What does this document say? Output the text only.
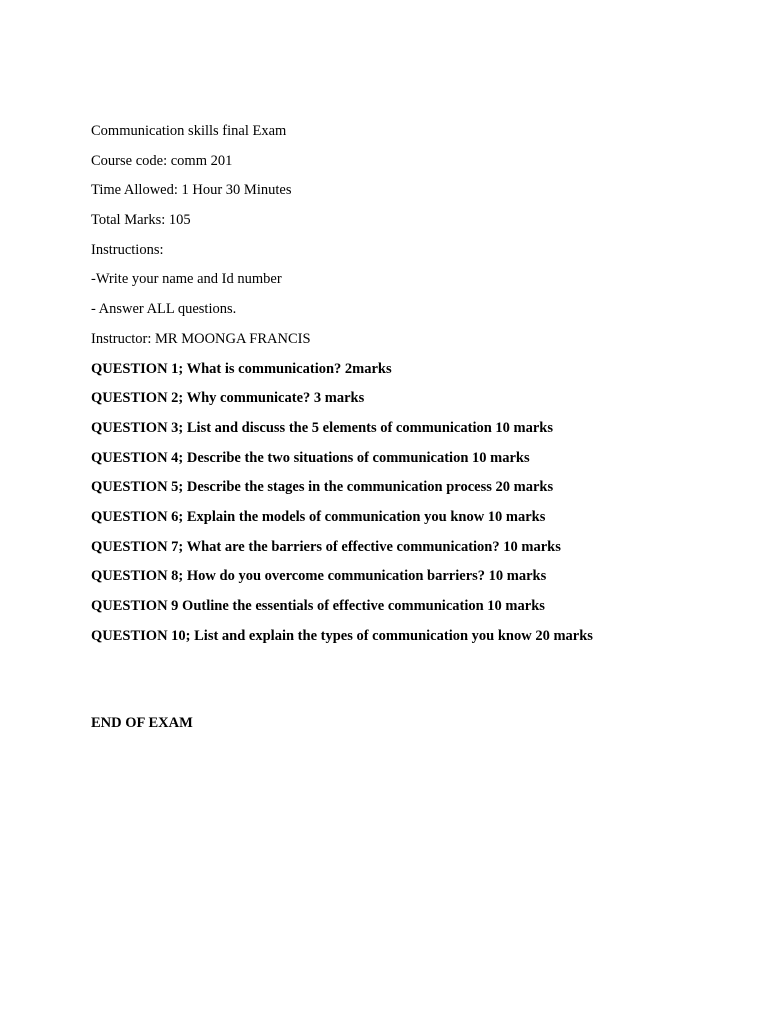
Communication skills final Exam
Course code: comm 201
Time Allowed: 1 Hour 30 Minutes
Total Marks: 105
Instructions:
-Write your name and Id number
- Answer ALL questions.
Instructor: MR MOONGA FRANCIS
QUESTION 1; What is communication? 2marks
QUESTION 2; Why communicate? 3 marks
QUESTION 3; List and discuss the 5 elements of communication 10 marks
QUESTION 4; Describe the two situations of communication 10 marks
QUESTION 5; Describe the stages in the communication process 20 marks
QUESTION 6; Explain the models of communication you know 10 marks
QUESTION 7; What are the barriers of effective communication? 10 marks
QUESTION 8; How do you overcome communication barriers? 10 marks
QUESTION 9 Outline the essentials of effective communication 10 marks
QUESTION 10; List and explain the types of communication you know 20 marks
END OF EXAM
